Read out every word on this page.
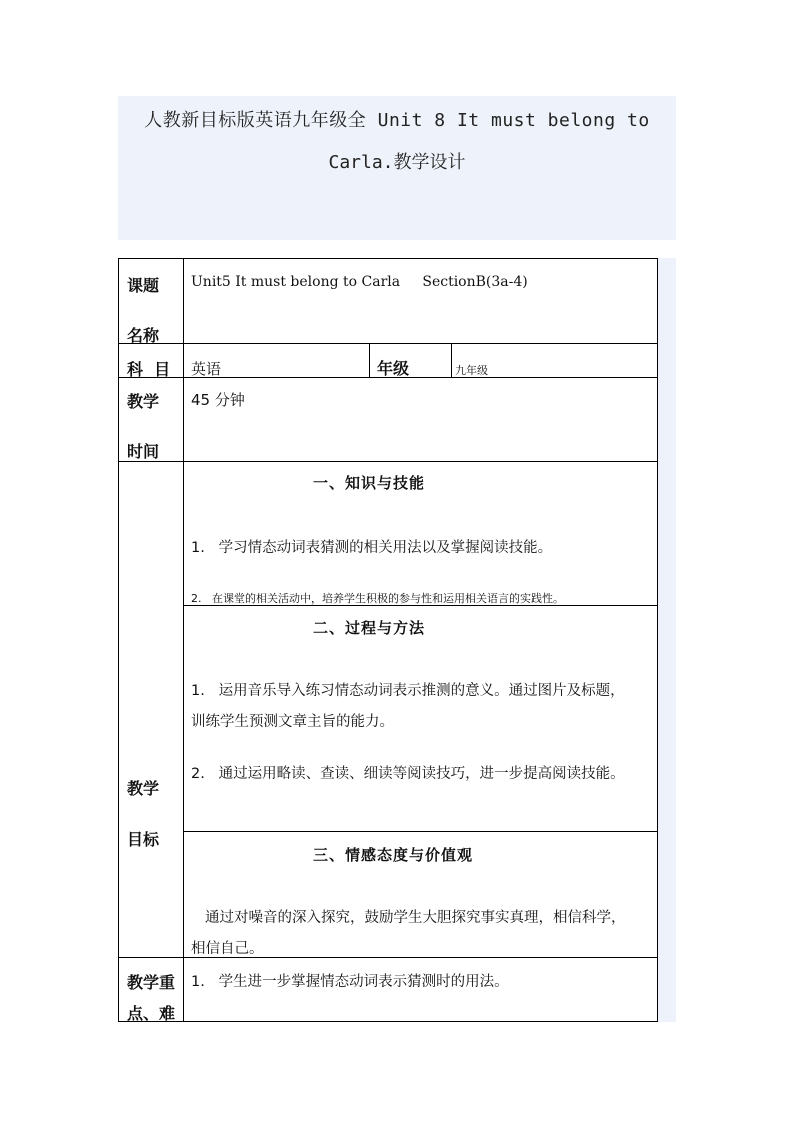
人教新目标版英语九年级全 Unit 8 It must belong to
Carla.教学设计
课题
名称
Unit5 It must belong to Carla     SectionB(3a-4)
科  目 英语	年级	九年级
教学
时间
45 分钟
教学
目标
一、知识与技能
1.   学习情态动词表猜测的相关用法以及掌握阅读技能。
2.   在课堂的相关活动中，培养学生积极的参与性和运用相关语言的实践性。
二、过程与方法
1.   运用音乐导入练习情态动词表示推测的意义。通过图片及标题，
训练学生预测文章主旨的能力。
2.   通过运用略读、查读、细读等阅读技巧，进一步提高阅读技能。
三、情感态度与价值观
通过对噪音的深入探究，鼓励学生大胆探究事实真理，相信科学，
相信自己。
教学重
点、难
1.   学生进一步掌握情态动词表示猜测时的用法。
